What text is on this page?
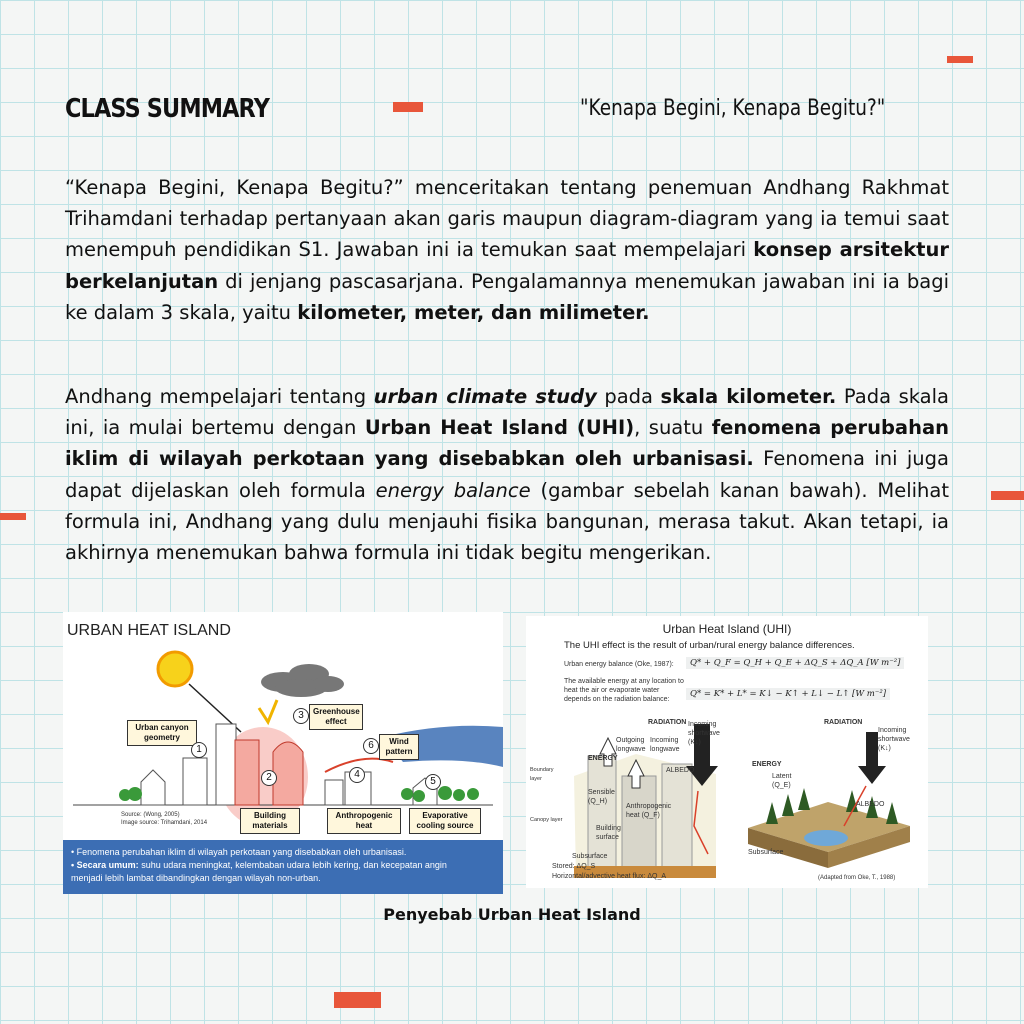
CLASS SUMMARY	"Kenapa Begini, Kenapa Begitu?"

“Kenapa Begini, Kenapa Begitu?” menceritakan tentang penemuan Andhang Rakhmat Trihamdani terhadap pertanyaan akan garis maupun diagram-diagram yang ia temui saat menempuh pendidikan S1. Jawaban ini ia temukan saat mempelajari konsep arsitektur berkelanjutan di jenjang pascasarjana. Pengalamannya menemukan jawaban ini ia bagi ke dalam 3 skala, yaitu kilometer, meter, dan milimeter.

Andhang mempelajari tentang urban climate study pada skala kilometer. Pada skala ini, ia mulai bertemu dengan Urban Heat Island (UHI), suatu fenomena perubahan iklim di wilayah perkotaan yang disebabkan oleh urbanisasi. Fenomena ini juga dapat dijelaskan oleh formula energy balance (gambar sebelah kanan bawah). Melihat formula ini, Andhang yang dulu menjauhi fisika bangunan, merasa takut. Akan tetapi, ia akhirnya menemukan bahwa formula ini tidak begitu mengerikan.

URBAN HEAT ISLAND
Urban canyon geometry
Greenhouse effect
Wind pattern
Building materials
Anthropogenic heat
Evaporative cooling source
1
2
3
4
5
6
Source: (Wong, 2005)
Image source: Trihamdani, 2014
• Fenomena perubahan iklim di wilayah perkotaan yang disebabkan oleh urbanisasi.
• Secara umum: suhu udara meningkat, kelembaban udara lebih kering, dan kecepatan angin
menjadi lebih lambat dibandingkan dengan wilayah non-urban.
Urban Heat Island (UHI)
The UHI effect is the result of urban/rural energy balance differences.
Urban energy balance (Oke, 1987):	Q* + Q_F = Q_H + Q_E + ΔQ_S + ΔQ_A [W m⁻²]
The available energy at any location to heat the air or evaporate water depends on the radiation balance:
Q* = K* + L* = K↓ − K↑ + L↓ − L↑ [W m⁻²]
RADIATION	RADIATION
ENERGY
ENERGY
Incoming shortwave (K↓)
Incoming shortwave (K↓)
Outgoing longwave
Incoming longwave
ALBEDO
ALBEDO
Sensible (Q_H)
Latent (Q_E)
Anthropogenic heat (Q_F)
Building surface
Boundary layer
Canopy layer
Subsurface
Subsurface
Stored: ΔQ_S
Horizontal/advective heat flux: ΔQ_A	(Adapted from Oke, T., 1988)
Penyebab Urban Heat Island
